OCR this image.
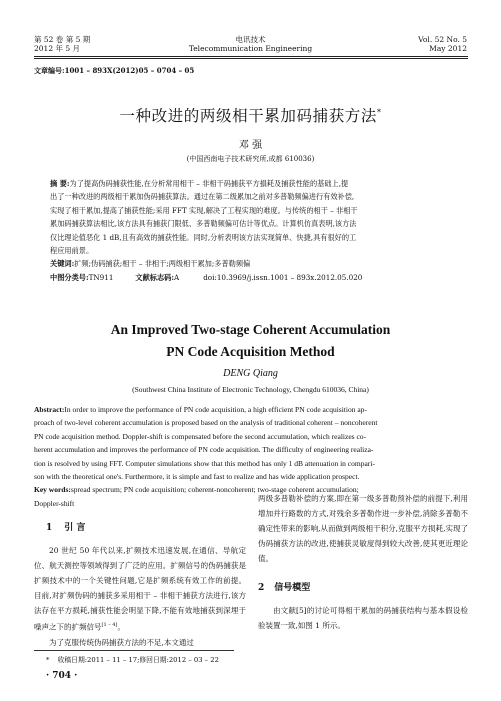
第 52 卷 第 5 期
2012 年 5 月
电讯技术
Telecommunication Engineering
Vol. 52 No. 5
May 2012
文章编号:1001 – 893X(2012)05 – 0704 – 05
一种改进的两级相干累加码捕获方法*
邓 强
(中国西南电子技术研究所,成都 610036)
摘 要:为了提高伪码捕获性能,在分析常用相干 – 非相干码捕获平方損耗及捕获性能的基础上,提
出了一种改进的两级相干累加伪码捕获算法。通过在第二级累加之前对多普勒频偏进行有效补偿,
实现了相干累加,提高了捕获性能;采用 FFT 实现,解决了工程实现的难度。与传统的相干 – 非相干
累加码捕获算法相比,该方法具有捕获门限低、多普勒频偏可估计等优点。计算机仿真表明,该方法
仅比理论值恶化 1 dB,且有高效的捕获性能。同时,分析表明该方法实现简单、快捷,具有很好的工
程应用前景。
关键词:扩频;伪码捕获;相干 – 非相干;两级相干累加;多普勒频偏
中图分类号:TN911	文献标志码:A	doi:10.3969/j.issn.1001 – 893x.2012.05.020
An Improved Two-stage Coherent Accumulation
PN Code Acquisition Method
DENG Qiang
(Southwest China Institute of Electronic Technology, Chengdu 610036, China)
Abstract:In order to improve the performance of PN code acquisition, a high efficient PN code acquisition ap-
proach of two-level coherent accumulation is proposed based on the analysis of traditional coherent – noncoherent
PN code acquisition method. Doppler-shift is compensated before the second accumulation, which realizes co-
herent accumulation and improves the performance of PN code acquisition. The difficulty of engineering realiza-
tion is resolved by using FFT. Computer simulations show that this method has only 1 dB attenuation in compari-
son with the theoretical one's. Furthermore, it is simple and fast to realize and has wide application prospect.
Key words:spread spectrum; PN code acquisition; coherent-noncoherent; two-stage coherent accumulation;
Doppler-shift
1 引 言
20 世纪 50 年代以来,扩频技术迅速发展,在通信、导航定位、航天测控等领域得到了广泛的应用。扩频信号的伪码捕获是扩频技术中的一个关键性问题,它是扩频系统有效工作的前提。目前,对扩频伪码的捕获多采用相干 – 非相干捕获方法进行,该方法存在平方损耗,捕获性能会明显下降,不能有效地捕获到深埋于噪声之下的扩频信号[1 – 4]。
为了克服传统伪码捕获方法的不足,本文通过
两级多普勒补偿的方案,即在第一级多普勒预补偿的前提下,利用增加并行路数的方式,对残余多普勒作进一步补偿,消除多普勒不确定性带来的影响,从而做到两级相干积分,克服平方损耗,实现了伪码捕获方法的改进,使捕获灵敏度得到较大改善,使其更近理论值。
2 信号模型
由文献[5]的讨论可得相干累加的码捕获结构与基本假设检验装置一致,如图 1 所示。
* 收稿日期:2011 – 11 – 17;修回日期:2012 – 03 – 22
· 704 ·
